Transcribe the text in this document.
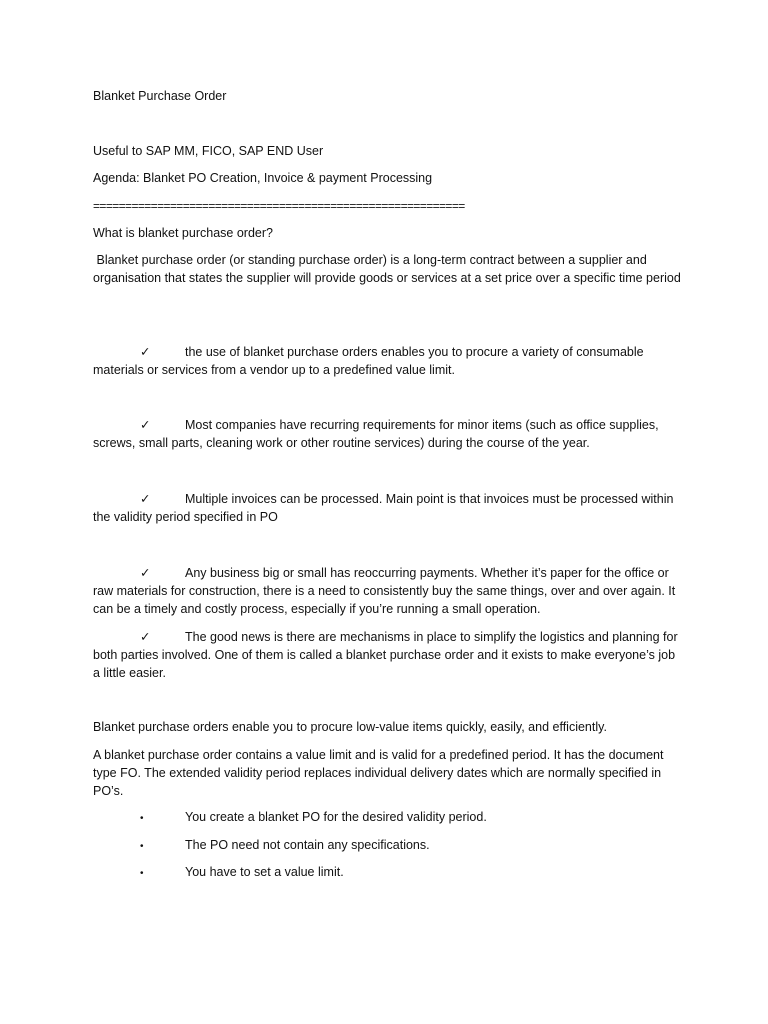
Blanket Purchase Order
Useful to SAP MM, FICO, SAP END User
Agenda: Blanket PO Creation, Invoice & payment Processing
==========================================================
What is blanket purchase order?
Blanket purchase order (or standing purchase order) is a long-term contract between a supplier and organisation that states the supplier will provide goods or services at a set price over a specific time period
✓	the use of blanket purchase orders enables you to procure a variety of consumable materials or services from a vendor up to a predefined value limit.
✓	Most companies have recurring requirements for minor items (such as office supplies, screws, small parts, cleaning work or other routine services) during the course of the year.
✓	Multiple invoices can be processed. Main point is that invoices must be processed within the validity period specified in PO
✓	Any business big or small has reoccurring payments. Whether it’s paper for the office or raw materials for construction, there is a need to consistently buy the same things, over and over again. It can be a timely and costly process, especially if you’re running a small operation.
✓	The good news is there are mechanisms in place to simplify the logistics and planning for both parties involved. One of them is called a blanket purchase order and it exists to make everyone’s job a little easier.
Blanket purchase orders enable you to procure low-value items quickly, easily, and efficiently.
A blanket purchase order contains a value limit and is valid for a predefined period. It has the document type FO. The extended validity period replaces individual delivery dates which are normally specified in PO’s.
•	You create a blanket PO for the desired validity period.
•	The PO need not contain any specifications.
•	You have to set a value limit.
